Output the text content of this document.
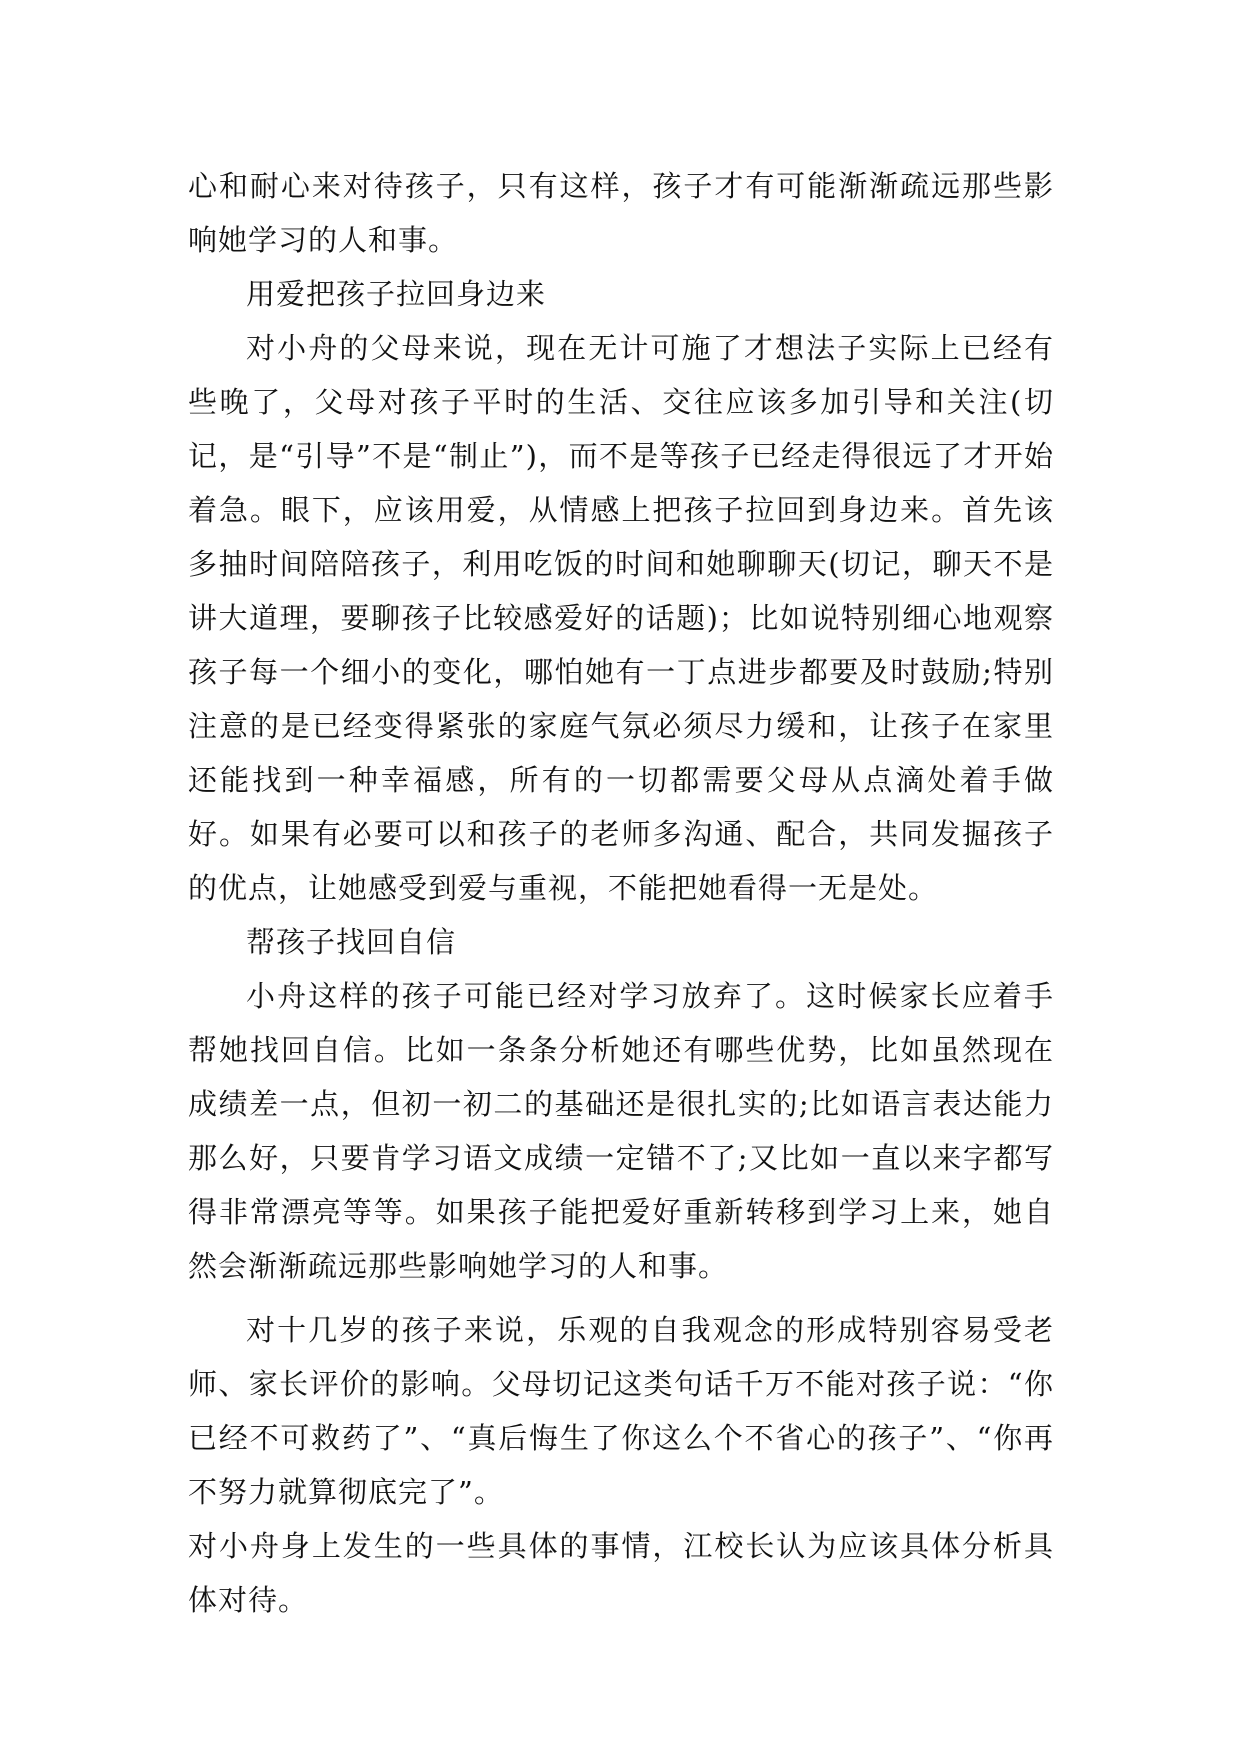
心和耐心来对待孩子，只有这样，孩子才有可能渐渐疏远那些影响她学习的人和事。

用爱把孩子拉回身边来

对小舟的父母来说，现在无计可施了才想法子实际上已经有些晚了，父母对孩子平时的生活、交往应该多加引导和关注(切记，是“引导”不是“制止”)，而不是等孩子已经走得很远了才开始着急。眼下，应该用爱，从情感上把孩子拉回到身边来。首先该多抽时间陪陪孩子，利用吃饭的时间和她聊聊天(切记，聊天不是讲大道理，要聊孩子比较感爱好的话题)；比如说特别细心地观察孩子每一个细小的变化，哪怕她有一丁点进步都要及时鼓励;特别注意的是已经变得紧张的家庭气氛必须尽力缓和，让孩子在家里还能找到一种幸福感，所有的一切都需要父母从点滴处着手做好。如果有必要可以和孩子的老师多沟通、配合，共同发掘孩子的优点，让她感受到爱与重视，不能把她看得一无是处。

帮孩子找回自信

小舟这样的孩子可能已经对学习放弃了。这时候家长应着手帮她找回自信。比如一条条分析她还有哪些优势，比如虽然现在成绩差一点，但初一初二的基础还是很扎实的;比如语言表达能力那么好，只要肯学习语文成绩一定错不了;又比如一直以来字都写得非常漂亮等等。如果孩子能把爱好重新转移到学习上来，她自然会渐渐疏远那些影响她学习的人和事。

对十几岁的孩子来说，乐观的自我观念的形成特别容易受老师、家长评价的影响。父母切记这类句话千万不能对孩子说：“你已经不可救药了”、“真后悔生了你这么个不省心的孩子”、“你再不努力就算彻底完了”。

对小舟身上发生的一些具体的事情，江校长认为应该具体分析具体对待。
